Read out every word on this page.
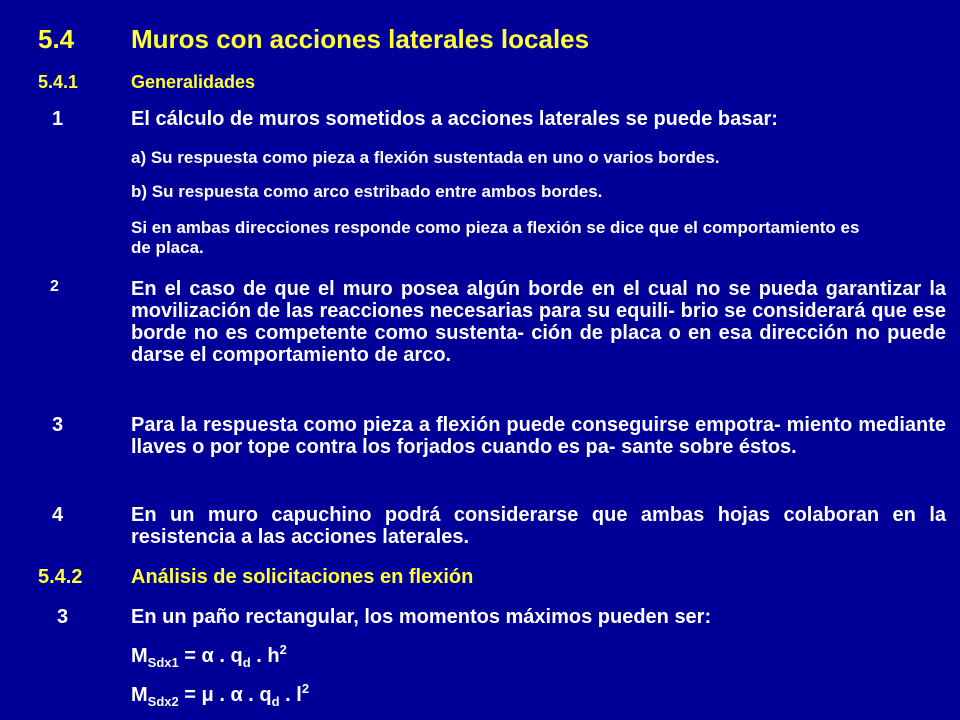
5.4 Muros con acciones laterales locales
5.4.1	Generalidades
1	El cálculo de muros sometidos a acciones laterales se puede basar:
a) Su respuesta como pieza a flexión sustentada en uno o varios bordes.
b) Su respuesta como arco estribado entre ambos bordes.
Si en ambas direcciones responde como pieza a flexión se dice que el comportamiento es de placa.
2	En el caso de que el muro posea algún borde en el cual no se pueda garantizar la movilización de las reacciones necesarias para su equili- brio se considerará que ese borde no es competente como sustenta- ción de placa o en esa dirección no puede darse el comportamiento de arco.
3	Para la respuesta como pieza a flexión puede conseguirse empotra- miento mediante llaves o por tope contra los forjados cuando es pa- sante sobre éstos.
4	En un muro capuchino podrá considerarse que ambas hojas colaboran en la resistencia a las acciones laterales.
5.4.2 Análisis de solicitaciones en flexión
3	En un paño rectangular, los momentos máximos pueden ser:
$M_{Sdx1} = \alpha$ . $q_d$ . $h^2$
$M_{Sdx2} = \mu$ . α . $q_d$ . $l^2$
